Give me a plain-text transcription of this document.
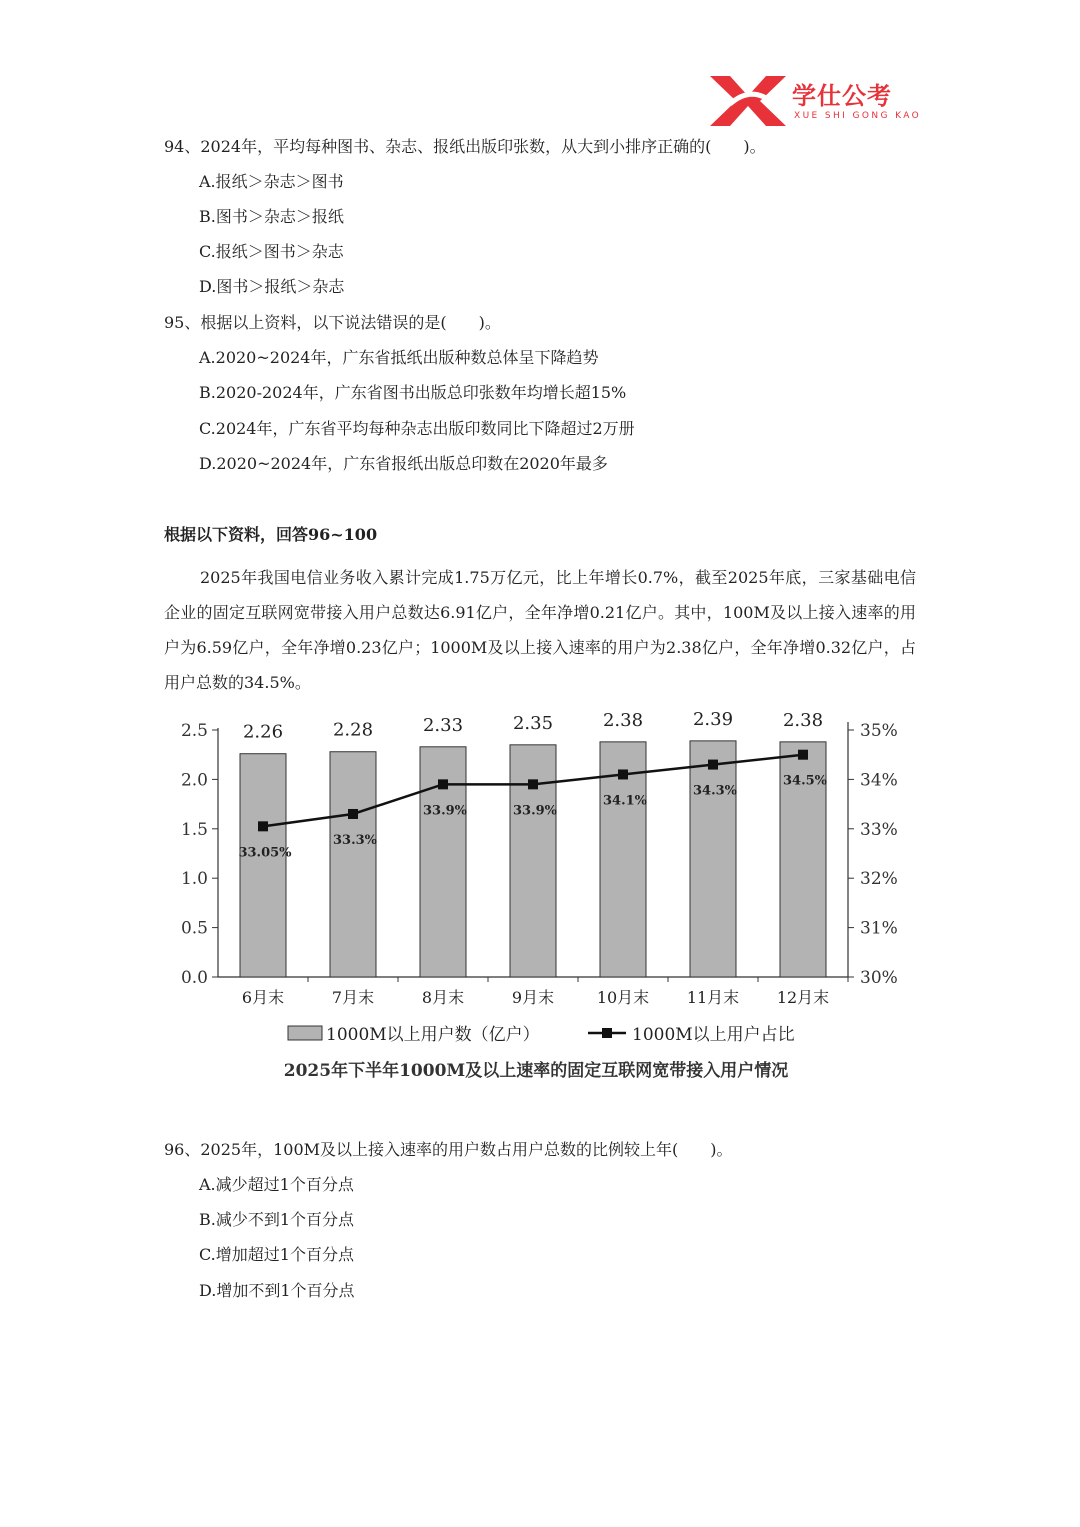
学仕公考
XUE SHI GONG KAO
94、2024年，平均每种图书、杂志、报纸出版印张数，从大到小排序正确的(　　)。
A.报纸＞杂志＞图书
B.图书＞杂志＞报纸
C.报纸＞图书＞杂志
D.图书＞报纸＞杂志
95、根据以上资料，以下说法错误的是(　　)。
A.2020~2024年，广东省抵纸出版种数总体呈下降趋势
B.2020-2024年，广东省图书出版总印张数年均增长超15%
C.2024年，广东省平均每种杂志出版印数同比下降超过2万册
D.2020~2024年，广东省报纸出版总印数在2020年最多
根据以下资料，回答96~100
2025年我国电信业务收入累计完成1.75万亿元，比上年增长0.7%，截至2025年底，三家基础电信企业的固定互联网宽带接入用户总数达6.91亿户，全年净增0.21亿户。其中，100M及以上接入速率的用户为6.59亿户，全年净增0.23亿户；1000M及以上接入速率的用户为2.38亿户，全年净增0.32亿户，占用户总数的34.5%。
0.0
0.5
1.0
1.5
2.0
2.5
30%
31%
32%
33%
34%
35%
2.26
6月末
2.28
7月末
2.33
8月末
2.35
9月末
2.38
10月末
2.39
11月末
2.38
12月末
33.05%
33.3%
33.9%	33.9%
34.1%
34.3%
34.5%
1000M以上用户数（亿户）	1000M以上用户占比
2025年下半年1000M及以上速率的固定互联网宽带接入用户情况
96、2025年，100M及以上接入速率的用户数占用户总数的比例较上年(　　)。
A.减少超过1个百分点
B.减少不到1个百分点
C.增加超过1个百分点
D.增加不到1个百分点
